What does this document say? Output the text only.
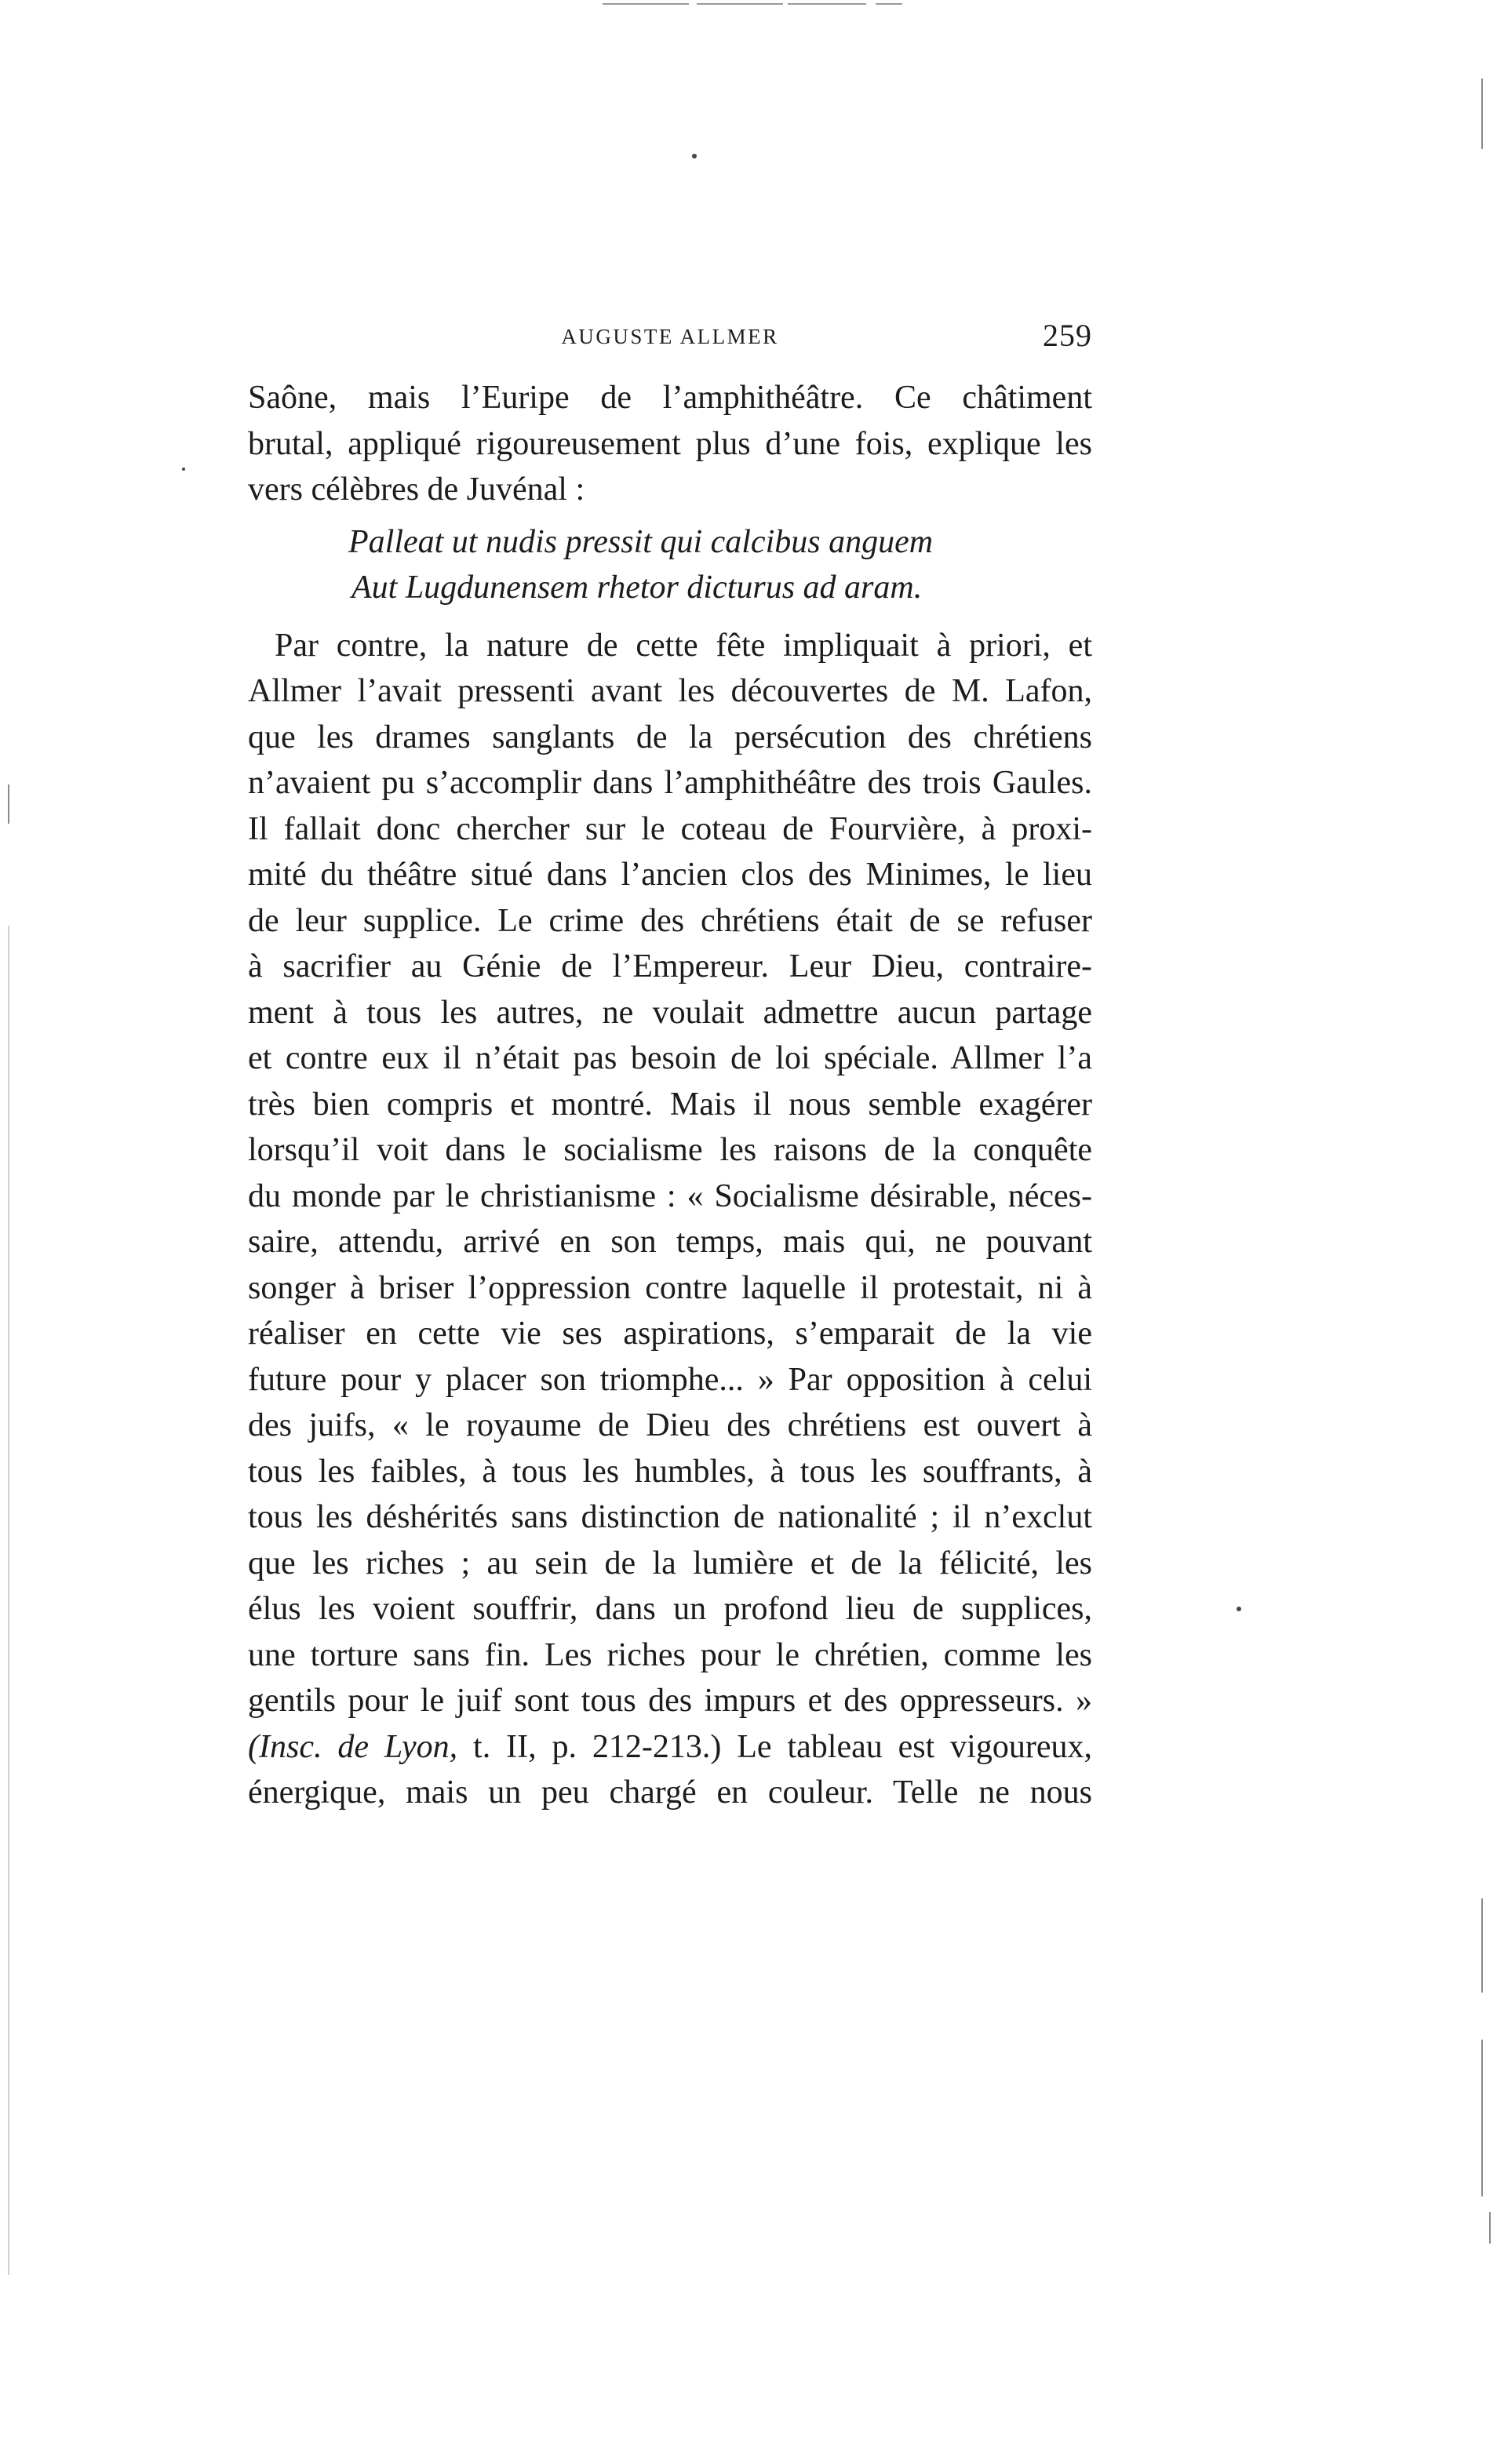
AUGUSTE ALLMER	259
Saône, mais l’Euripe de l’amphithéâtre. Ce châtiment
brutal, appliqué rigoureusement plus d’une fois, explique les
vers célèbres de Juvénal :
Palleat ut nudis pressit qui calcibus anguem
Aut Lugdunensem rhetor dicturus ad aram.
Par contre, la nature de cette fête impliquait à priori, et
Allmer l’avait pressenti avant les découvertes de M. Lafon,
que les drames sanglants de la persécution des chrétiens
n’avaient pu s’accomplir dans l’amphithéâtre des trois Gaules.
Il fallait donc chercher sur le coteau de Fourvière, à proxi-
mité du théâtre situé dans l’ancien clos des Minimes, le lieu
de leur supplice. Le crime des chrétiens était de se refuser
à sacrifier au Génie de l’Empereur. Leur Dieu, contraire-
ment à tous les autres, ne voulait admettre aucun partage
et contre eux il n’était pas besoin de loi spéciale. Allmer l’a
très bien compris et montré. Mais il nous semble exagérer
lorsqu’il voit dans le socialisme les raisons de la conquête
du monde par le christianisme : « Socialisme désirable, néces-
saire, attendu, arrivé en son temps, mais qui, ne pouvant
songer à briser l’oppression contre laquelle il protestait, ni à
réaliser en cette vie ses aspirations, s’emparait de la vie
future pour y placer son triomphe... » Par opposition à celui
des juifs, « le royaume de Dieu des chrétiens est ouvert à
tous les faibles, à tous les humbles, à tous les souffrants, à
tous les déshérités sans distinction de nationalité ; il n’exclut
que les riches ; au sein de la lumière et de la félicité, les
élus les voient souffrir, dans un profond lieu de supplices,
une torture sans fin. Les riches pour le chrétien, comme les
gentils pour le juif sont tous des impurs et des oppresseurs. »
(Insc. de Lyon, t. II, p. 212-213.) Le tableau est vigoureux,
énergique, mais un peu chargé en couleur. Telle ne nous
